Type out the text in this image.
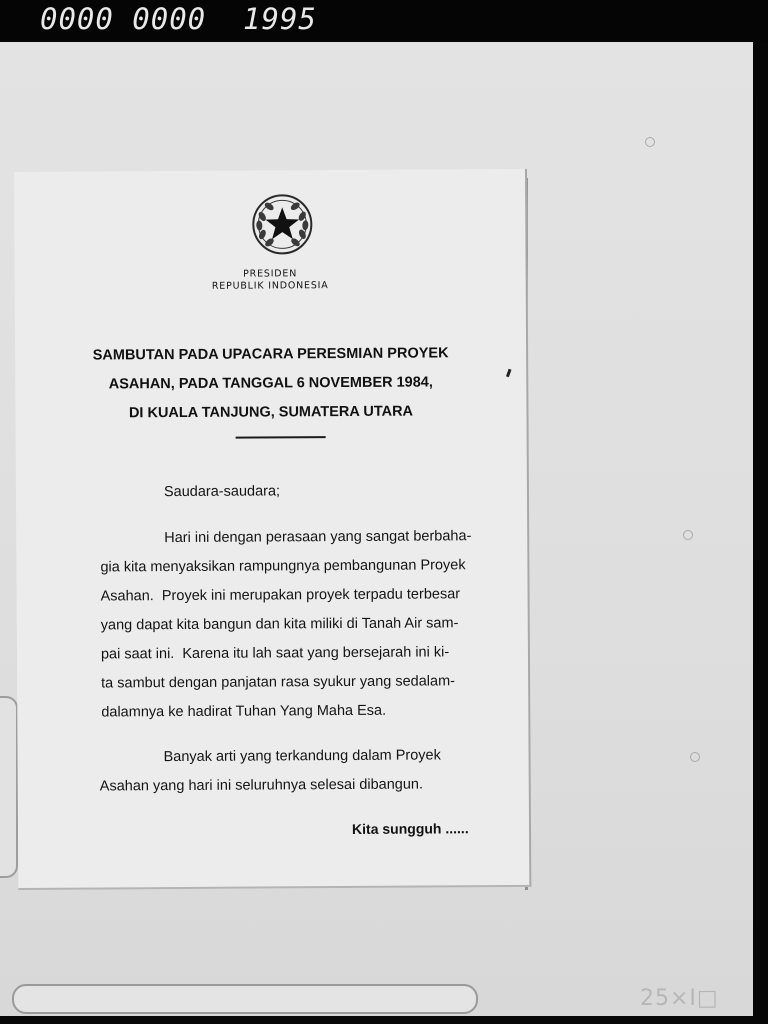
0000 0000  1995
PRESIDEN
REPUBLIK INDONESIA
SAMBUTAN PADA UPACARA PERESMIAN PROYEK
ASAHAN, PADA TANGGAL 6 NOVEMBER 1984,
DI KUALA TANJUNG, SUMATERA UTARA
Saudara-saudara;
Hari ini dengan perasaan yang sangat berbaha-
gia kita menyaksikan rampungnya pembangunan Proyek
Asahan.  Proyek ini merupakan proyek terpadu terbesar
yang dapat kita bangun dan kita miliki di Tanah Air sam-
pai saat ini.  Karena itu lah saat yang bersejarah ini ki-
ta sambut dengan panjatan rasa syukur yang sedalam-
dalamnya ke hadirat Tuhan Yang Maha Esa.
Banyak arti yang terkandung dalam Proyek
Asahan yang hari ini seluruhnya selesai dibangun.
Kita sungguh ......
25×I□
